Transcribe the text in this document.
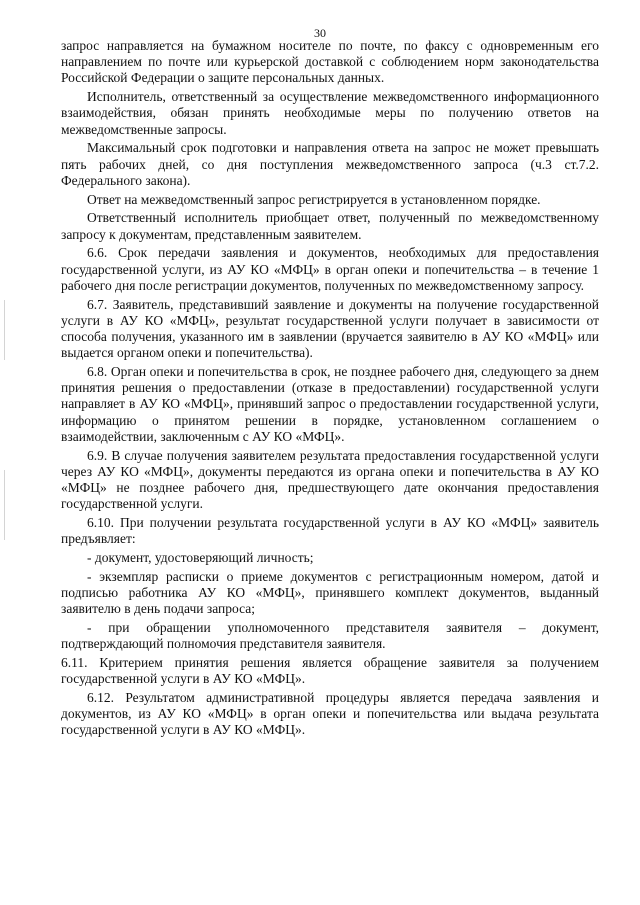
30

запрос направляется на бумажном носителе по почте, по факсу с одновременным его направлением по почте или курьерской доставкой с соблюдением норм законодательства Российской Федерации о защите персональных данных.

Исполнитель, ответственный за осуществление межведомственного информационного взаимодействия, обязан принять необходимые меры по получению ответов на межведомственные запросы.

Максимальный срок подготовки и направления ответа на запрос не может превышать пять рабочих дней, со дня поступления межведомственного запроса (ч.3 ст.7.2. Федерального закона).

Ответ на межведомственный запрос регистрируется в установленном порядке.

Ответственный исполнитель приобщает ответ, полученный по межведомственному запросу к документам, представленным заявителем.

6.6. Срок передачи заявления и документов, необходимых для предоставления государственной услуги, из АУ КО «МФЦ» в орган опеки и попечительства – в течение 1 рабочего дня после регистрации документов, полученных по межведомственному запросу.

6.7. Заявитель, представивший заявление и документы на получение государственной услуги в АУ КО «МФЦ», результат государственной услуги получает в зависимости от способа получения, указанного им в заявлении (вручается заявителю в АУ КО «МФЦ» или выдается органом опеки и попечительства).

6.8. Орган опеки и попечительства в срок, не позднее рабочего дня, следующего за днем принятия решения о предоставлении (отказе в предоставлении) государственной услуги направляет в АУ КО «МФЦ», принявший запрос о предоставлении государственной услуги, информацию о принятом решении в порядке, установленном соглашением о взаимодействии, заключенным с АУ КО «МФЦ».

6.9. В случае получения заявителем результата предоставления государственной услуги через АУ КО «МФЦ», документы передаются из органа опеки и попечительства в АУ КО «МФЦ» не позднее рабочего дня, предшествующего дате окончания предоставления государственной услуги.

6.10. При получении результата государственной услуги в АУ КО «МФЦ» заявитель предъявляет:

- документ, удостоверяющий личность;

- экземпляр расписки о приеме документов с регистрационным номером, датой и подписью работника АУ КО «МФЦ», принявшего комплект документов, выданный заявителю в день подачи запроса;

- при обращении уполномоченного представителя заявителя – документ, подтверждающий полномочия представителя заявителя.

6.11. Критерием принятия решения является обращение заявителя за получением государственной услуги в АУ КО «МФЦ».

6.12. Результатом административной процедуры является передача заявления и документов, из АУ КО «МФЦ» в орган опеки и попечительства или выдача результата государственной услуги в АУ КО «МФЦ».
